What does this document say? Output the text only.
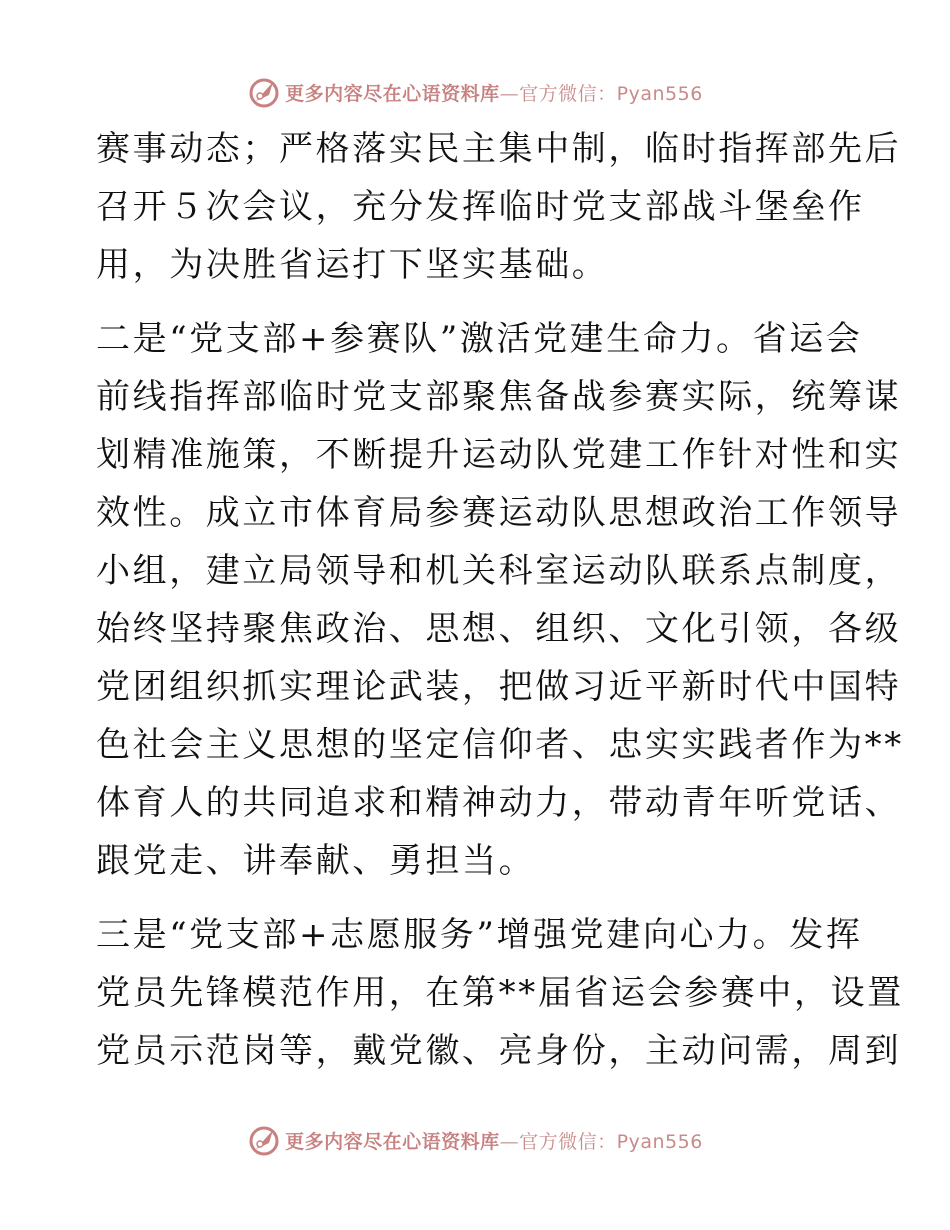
更多内容尽在心语资料库—官方微信：Pyan556
赛事动态；严格落实民主集中制，临时指挥部先后
召开５次会议，充分发挥临时党支部战斗堡垒作
用，为决胜省运打下坚实基础。
二是“党支部+参赛队”激活党建生命力。省运会
前线指挥部临时党支部聚焦备战参赛实际，统筹谋
划精准施策，不断提升运动队党建工作针对性和实
效性。成立市体育局参赛运动队思想政治工作领导
小组，建立局领导和机关科室运动队联系点制度，
始终坚持聚焦政治、思想、组织、文化引领，各级
党团组织抓实理论武装，把做习近平新时代中国特
色社会主义思想的坚定信仰者、忠实实践者作为**
体育人的共同追求和精神动力，带动青年听党话、
跟党走、讲奉献、勇担当。
三是“党支部+志愿服务”增强党建向心力。发挥
党员先锋模范作用，在第**届省运会参赛中，设置
党员示范岗等，戴党徽、亮身份，主动问需，周到
更多内容尽在心语资料库—官方微信：Pyan556
